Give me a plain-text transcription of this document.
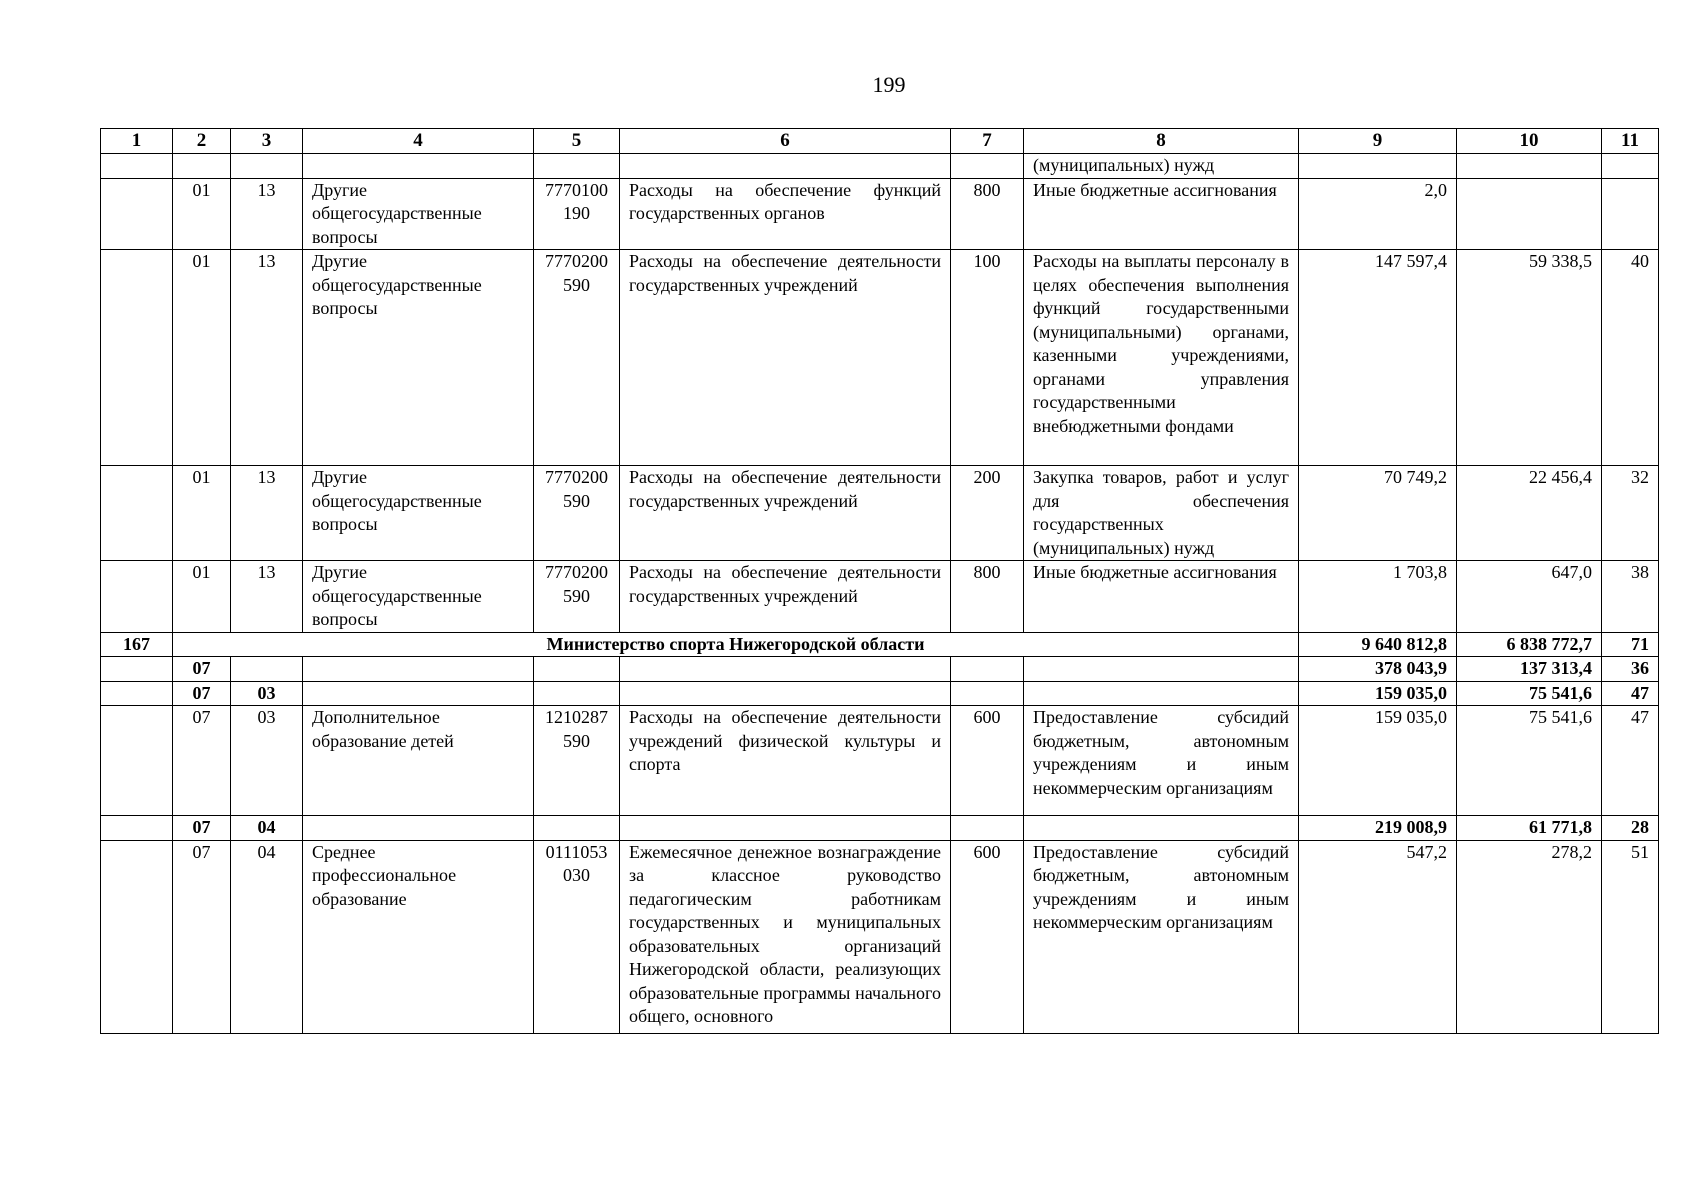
199
1	2	3	4	5	6	7	8	9	10	11
							(муниципальных) нужд			
	01	13	Другие общегосударственные вопросы	7770100190	Расходы на обеспечение функций государственных органов	800	Иные бюджетные ассигнования	2,0		
	01	13	Другие общегосударственные вопросы	7770200590	Расходы на обеспечение деятельности государственных учреждений	100	Расходы на выплаты персоналу в целях обеспечения выполнения функций государственными (муниципальными) органами, казенными учреждениями, органами управления государственными внебюджетными фондами	147 597,4	59 338,5	40
	01	13	Другие общегосударственные вопросы	7770200590	Расходы на обеспечение деятельности государственных учреждений	200	Закупка товаров, работ и услуг для обеспечения государственных (муниципальных) нужд	70 749,2	22 456,4	32
	01	13	Другие общегосударственные вопросы	7770200590	Расходы на обеспечение деятельности государственных учреждений	800	Иные бюджетные ассигнования	1 703,8	647,0	38
167	Министерство спорта Нижегородской области							9 640 812,8	6 838 772,7	71
	07							378 043,9	137 313,4	36
	07	03						159 035,0	75 541,6	47
	07	03	Дополнительное образование детей	1210287590	Расходы на обеспечение деятельности учреждений физической культуры и спорта	600	Предоставление субсидий бюджетным, автономным учреждениям и иным некоммерческим организациям	159 035,0	75 541,6	47
	07	04						219 008,9	61 771,8	28
	07	04	Среднее профессиональное образование	0111053030	Ежемесячное денежное вознаграждение за классное руководство педагогическим работникам государственных и муниципальных образовательных организаций Нижегородской области, реализующих образовательные программы начального общего, основного	600	Предоставление субсидий бюджетным, автономным учреждениям и иным некоммерческим организациям	547,2	278,2	51
